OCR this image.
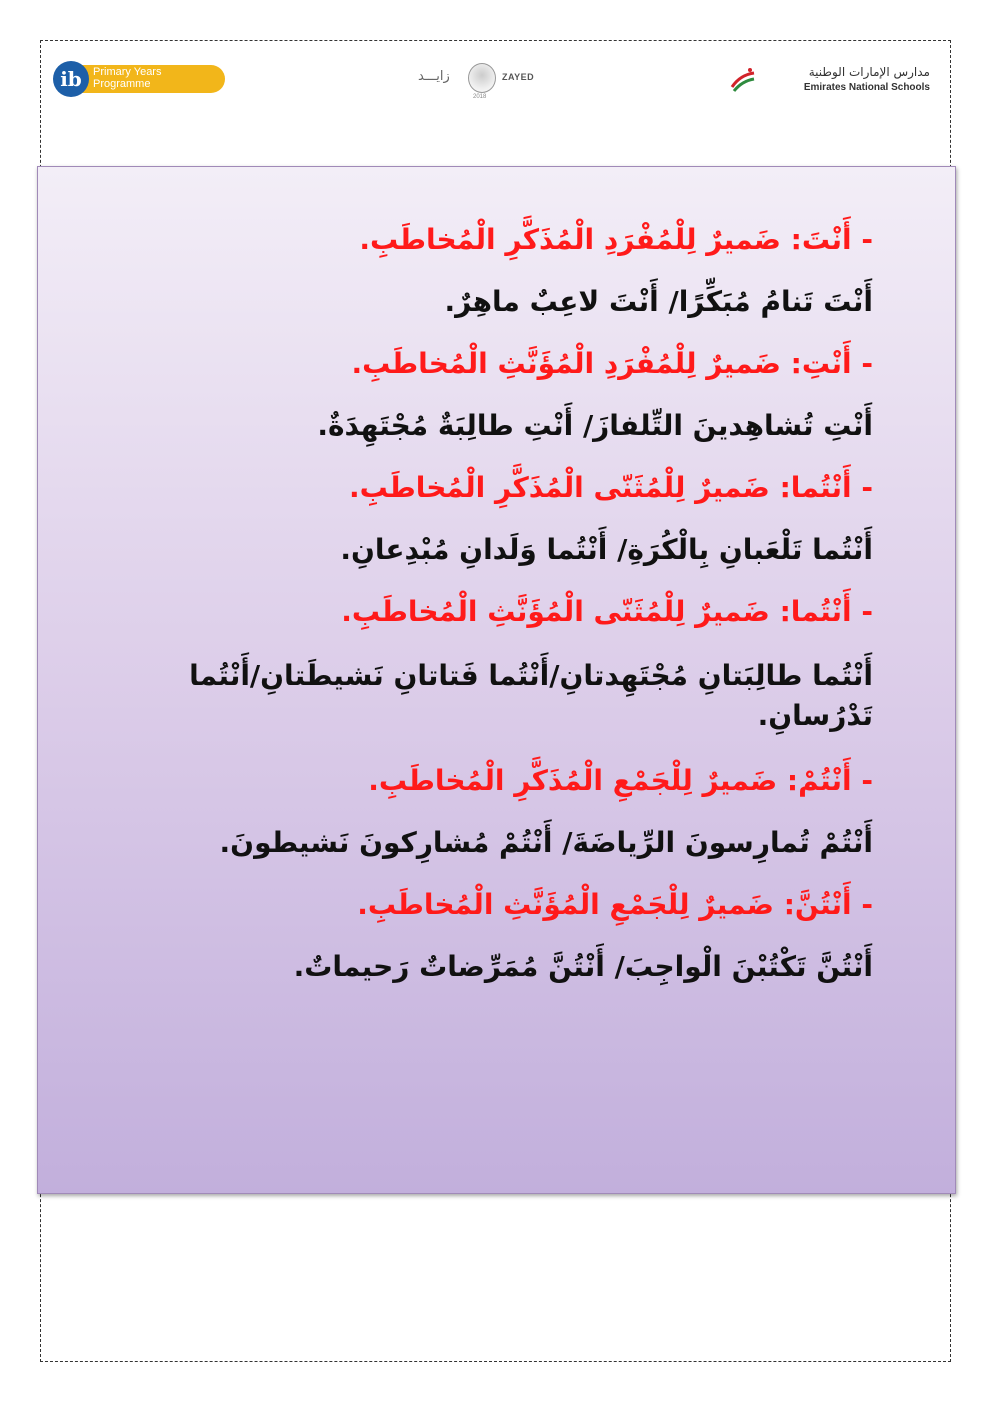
ib	Primary Years
Programme	زايـــد	ZAYED
2018
مدارس الإمارات الوطنية
Emirates National Schools

- أَنْتَ: ضَميرٌ لِلْمُفْرَدِ الْمُذَكَّرِ الْمُخاطَبِ.

أَنْتَ تَنامُ مُبَكِّرًا/ أَنْتَ لاعِبٌ ماهِرٌ.

- أَنْتِ: ضَميرٌ لِلْمُفْرَدِ الْمُؤَنَّثِ الْمُخاطَبِ.

أَنْتِ تُشاهِدينَ التِّلفازَ/ أَنْتِ طالِبَةٌ مُجْتَهِدَةٌ.

- أَنْتُما: ضَميرٌ لِلْمُثَنّى الْمُذَكَّرِ الْمُخاطَبِ.

أَنْتُما تَلْعَبانِ بِالْكُرَةِ/ أَنْتُما وَلَدانِ مُبْدِعانِ.

- أَنْتُما: ضَميرٌ لِلْمُثَنّى الْمُؤَنَّثِ الْمُخاطَبِ.

أَنْتُما طالِبَتانِ مُجْتَهِدتانِ/أَنْتُما فَتاتانِ نَشيطَتانِ/أَنْتُما تَدْرُسانِ.

- أَنْتُمْ: ضَميرٌ لِلْجَمْعِ الْمُذَكَّرِ الْمُخاطَبِ.

أَنْتُمْ تُمارِسونَ الرِّياضَةَ/ أَنْتُمْ مُشارِكونَ نَشيطونَ.

- أَنْتُنَّ: ضَميرٌ لِلْجَمْعِ الْمُؤَنَّثِ الْمُخاطَبِ.

أَنْتُنَّ تَكْتُبْنَ الْواجِبَ/ أَنْتُنَّ مُمَرِّضاتٌ رَحيماتٌ.
